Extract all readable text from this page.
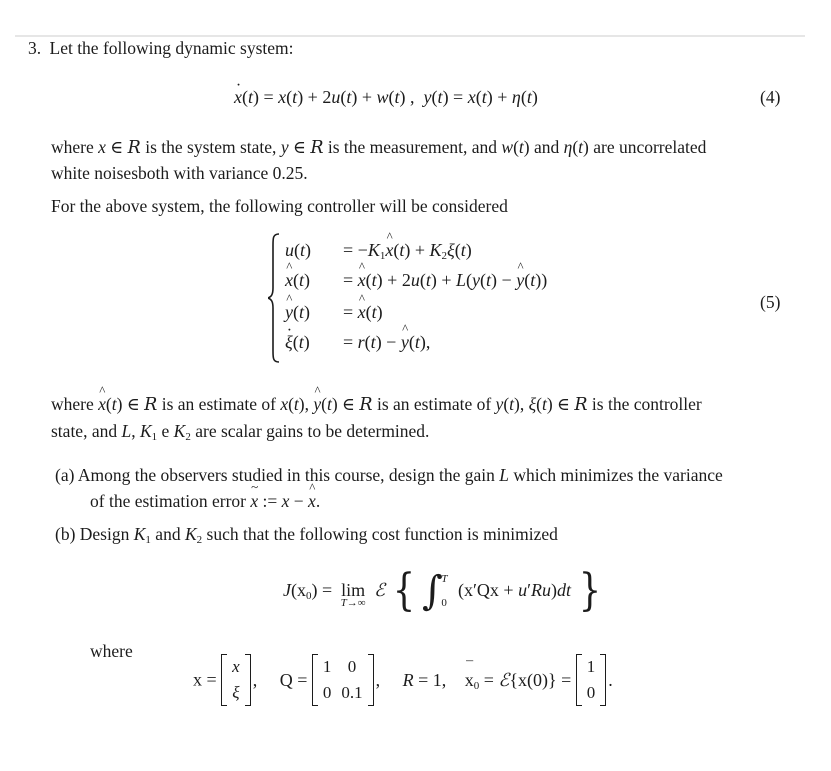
3. Let the following dynamic system:
· x(t) = x(t) + 2u(t) + w(t) ,  y(t) = x(t) + η(t)	(4)
where x ∈ R is the system state, y ∈ R is the measurement, and w(t) and η(t) are uncorrelated
white noisesboth with variance 0.25.
For the above system, the following controller will be considered
$u(t) = -K_1\^{}$ $x(t) + K_2\xi(t)$
^ x(t) = ^ x(t) + 2u(t) + L(y(t) − ^ y(t))
^ y(t) = ^ x(t)
· ξ(t) = r(t) − ^ y(t),
(5)
where ^ x(t) ∈ R is an estimate of x(t), ^ y(t) ∈ R is an estimate of y(t), ξ(t) ∈ R is the controller
state, and L, $K_1$ e $K_2$ are scalar gains to be determined.
(a) Among the observers studied in this course, design the gain L which minimizes the variance
of the estimation error ~ x := x − ^ x.
(b) Design $K_1$ and $K_2$ such that the following cost function is minimized
$J(x_0) = \lim$
T→∞
ℰ { ∫
T
0
(x′Qx + u′Ru)dt }
where
x =
x
ξ
, Q =
1	0
0	0.1
, R = 1, ¯ $x_0$ = ℰ{x(0)} =
1
0
.
